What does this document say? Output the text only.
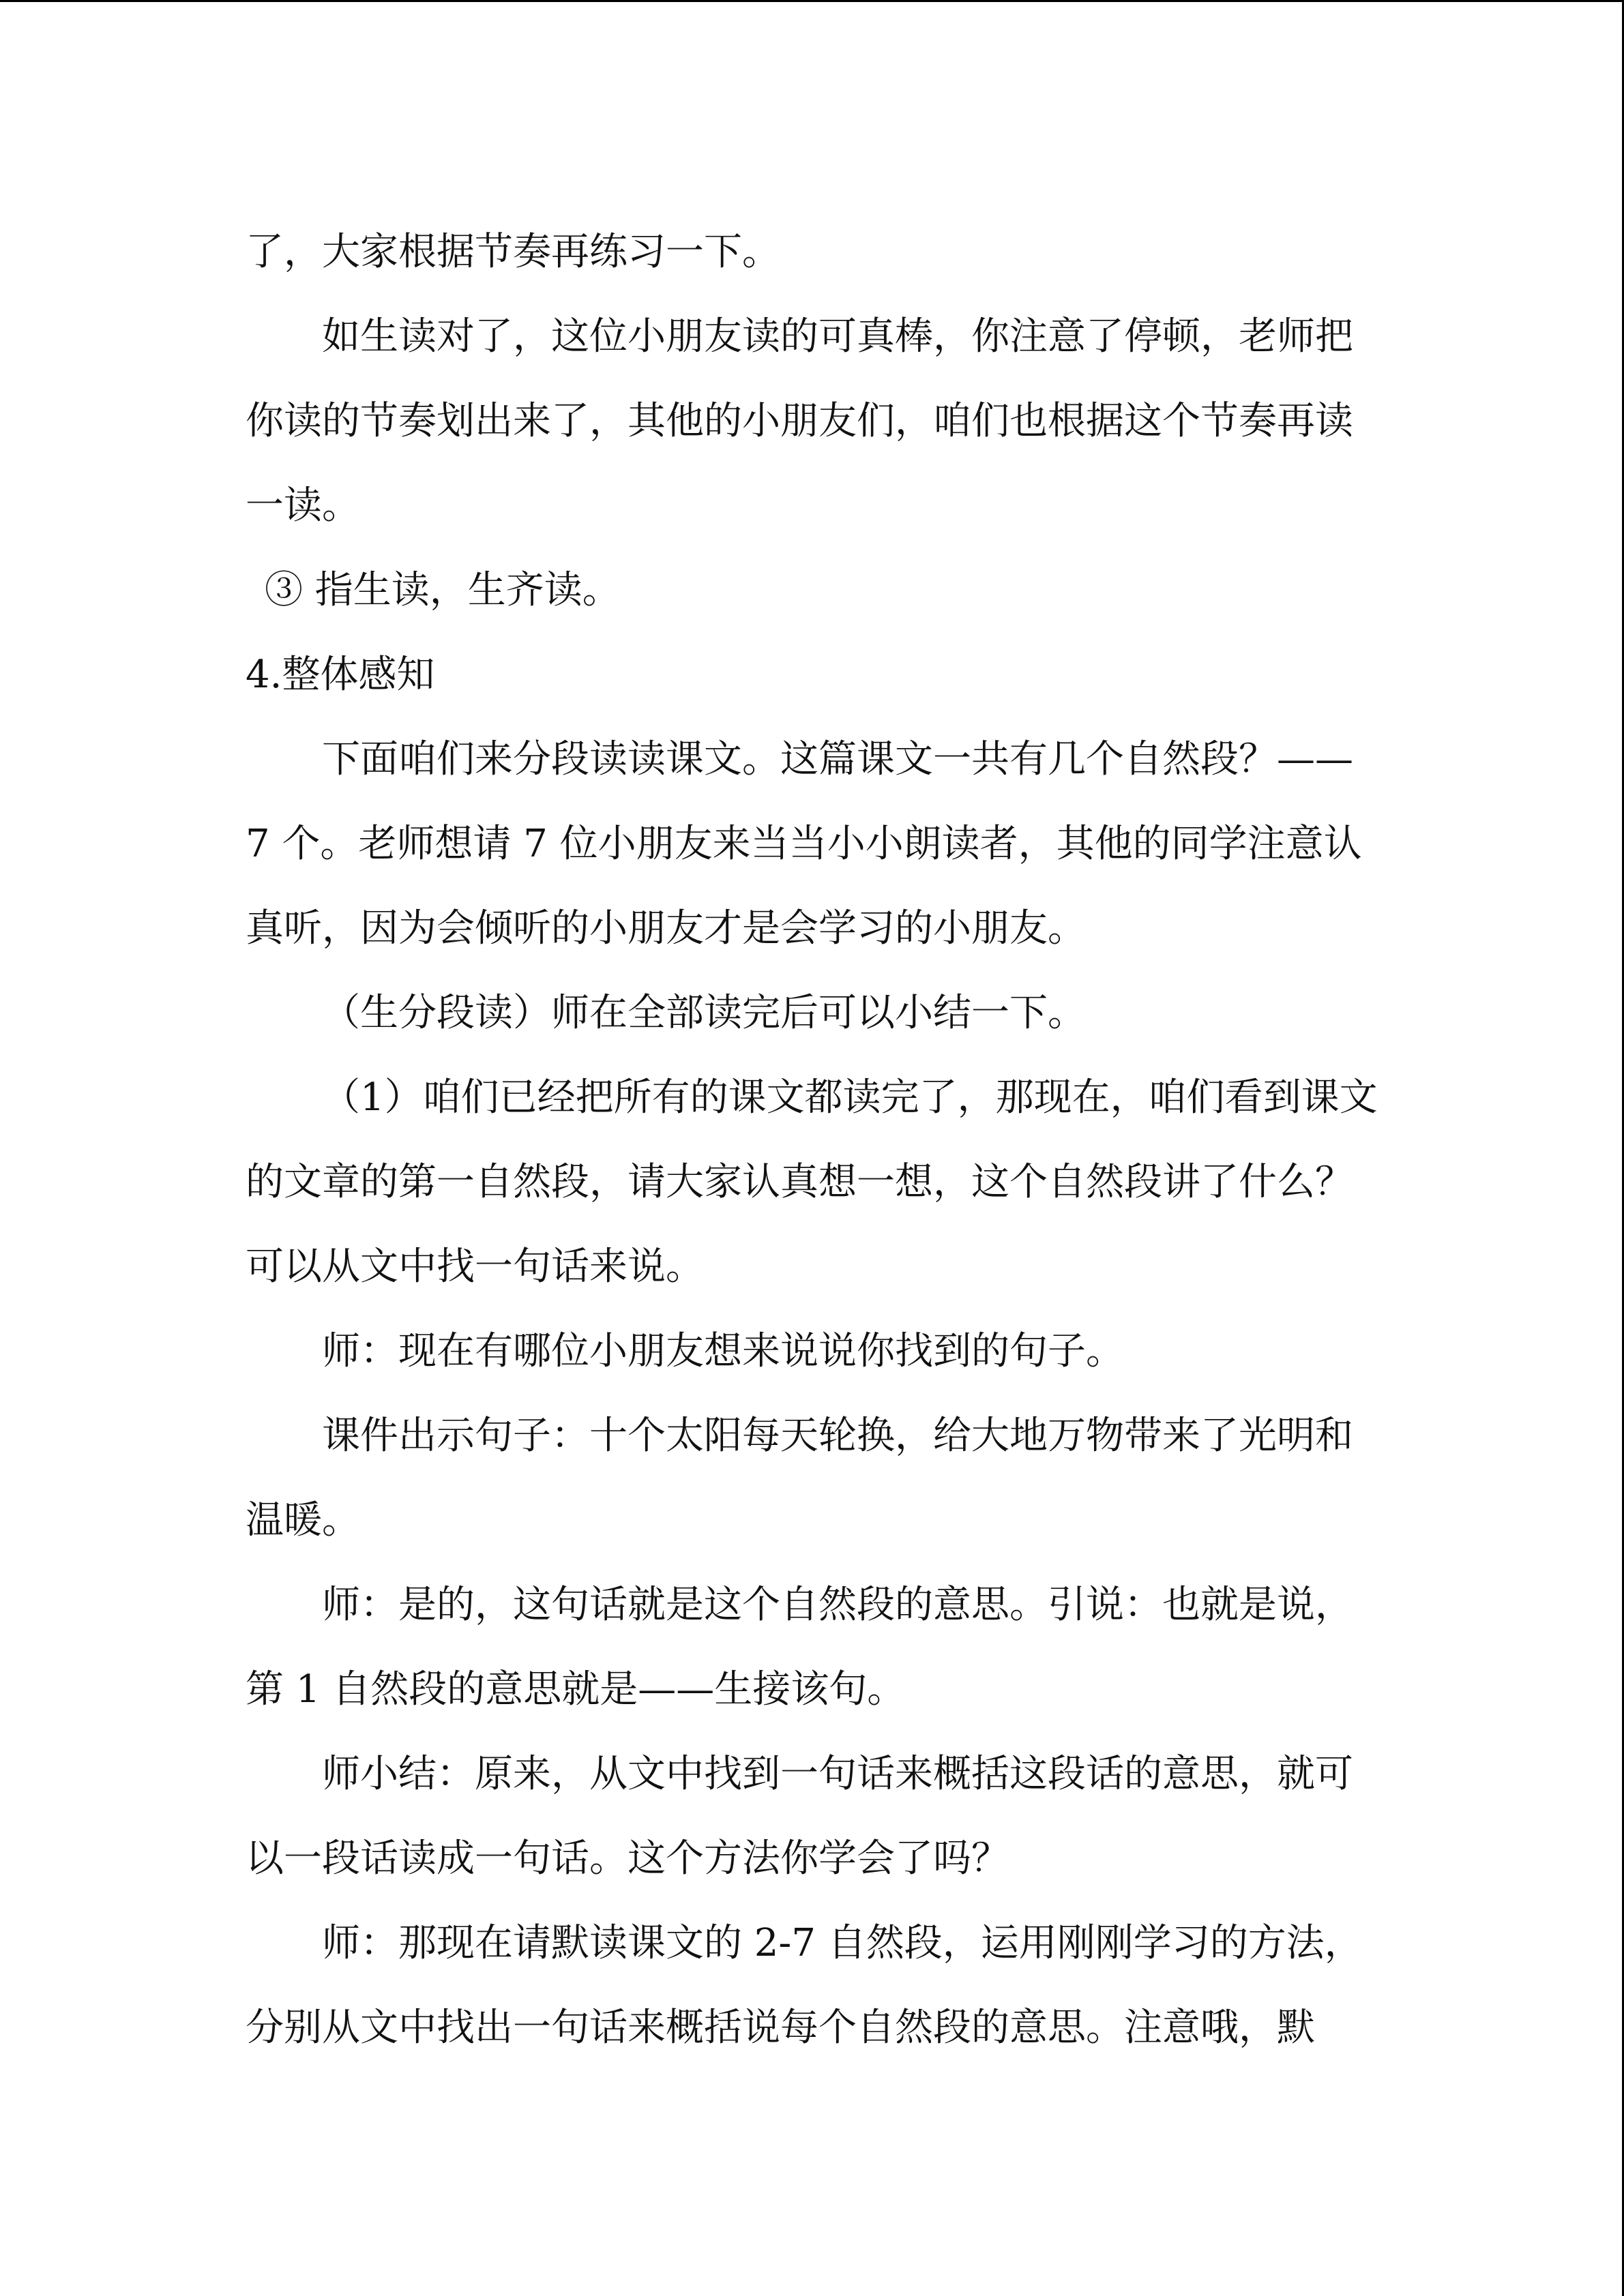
了，大家根据节奏再练习一下。
如生读对了，这位小朋友读的可真棒，你注意了停顿，老师把
你读的节奏划出来了，其他的小朋友们，咱们也根据这个节奏再读
一读。
③ 指生读，生齐读。
4.整体感知
下面咱们来分段读读课文。这篇课文一共有几个自然段？——
7 个。老师想请 7 位小朋友来当当小小朗读者，其他的同学注意认
真听，因为会倾听的小朋友才是会学习的小朋友。
（生分段读）师在全部读完后可以小结一下。
（1）咱们已经把所有的课文都读完了，那现在，咱们看到课文
的文章的第一自然段，请大家认真想一想，这个自然段讲了什么？
可以从文中找一句话来说。
师：现在有哪位小朋友想来说说你找到的句子。
课件出示句子：十个太阳每天轮换，给大地万物带来了光明和
温暖。
师：是的，这句话就是这个自然段的意思。引说：也就是说，
第 1 自然段的意思就是——生接该句。
师小结：原来，从文中找到一句话来概括这段话的意思，就可
以一段话读成一句话。这个方法你学会了吗？
师：那现在请默读课文的 2-7 自然段，运用刚刚学习的方法，
分别从文中找出一句话来概括说每个自然段的意思。注意哦，默
